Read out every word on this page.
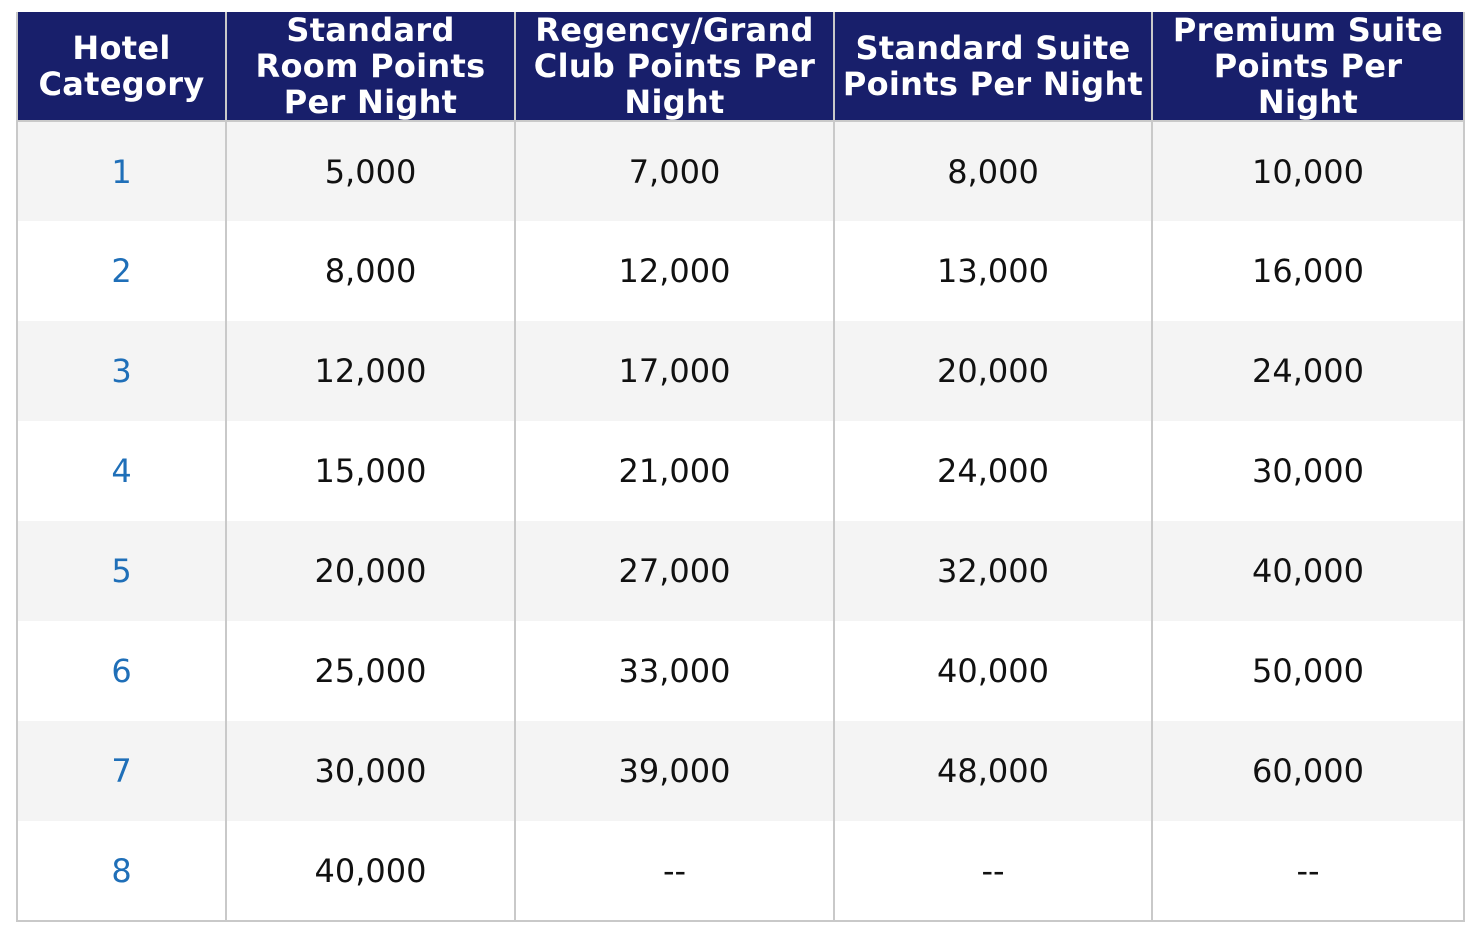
Hotel Category	Standard Room Points Per Night	Regency/Grand Club Points Per Night	Standard Suite Points Per Night	Premium Suite Points Per Night
1	5,000	7,000	8,000	10,000
2	8,000	12,000	13,000	16,000
3	12,000	17,000	20,000	24,000
4	15,000	21,000	24,000	30,000
5	20,000	27,000	32,000	40,000
6	25,000	33,000	40,000	50,000
7	30,000	39,000	48,000	60,000
8	40,000	--	--	--
